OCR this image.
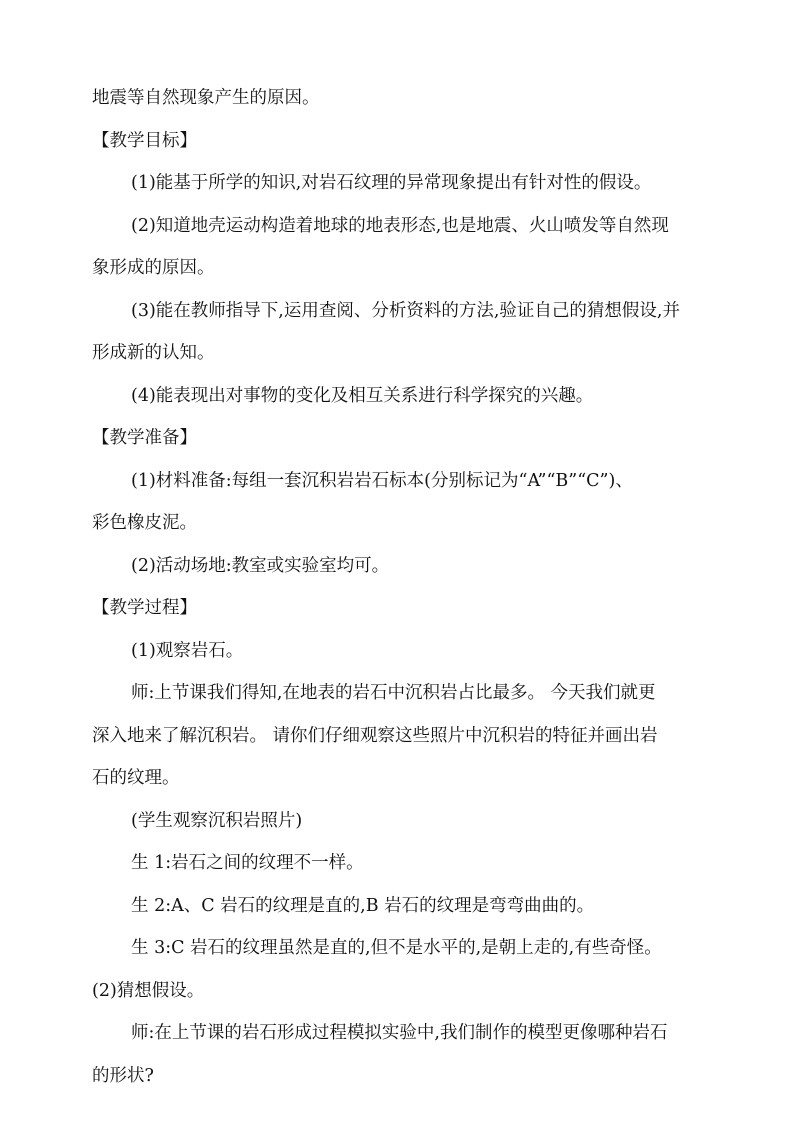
地震等自然现象产生的原因。
【教学目标】
(1)能基于所学的知识,对岩石纹理的异常现象提出有针对性的假设。
(2)知道地壳运动构造着地球的地表形态,也是地震、火山喷发等自然现
象形成的原因。
(3)能在教师指导下,运用查阅、分析资料的方法,验证自己的猜想假设,并
形成新的认知。
(4)能表现出对事物的变化及相互关系进行科学探究的兴趣。
【教学准备】
(1)材料准备:每组一套沉积岩岩石标本(分别标记为“A”“B”“C”)、
彩色橡皮泥。
(2)活动场地:教室或实验室均可。
【教学过程】
(1)观察岩石。
师:上节课我们得知,在地表的岩石中沉积岩占比最多。 今天我们就更
深入地来了解沉积岩。 请你们仔细观察这些照片中沉积岩的特征并画出岩
石的纹理。
(学生观察沉积岩照片)
生 1:岩石之间的纹理不一样。
生 2:A、C 岩石的纹理是直的,B 岩石的纹理是弯弯曲曲的。
生 3:C 岩石的纹理虽然是直的,但不是水平的,是朝上走的,有些奇怪。
(2)猜想假设。
师:在上节课的岩石形成过程模拟实验中,我们制作的模型更像哪种岩石
的形状?
